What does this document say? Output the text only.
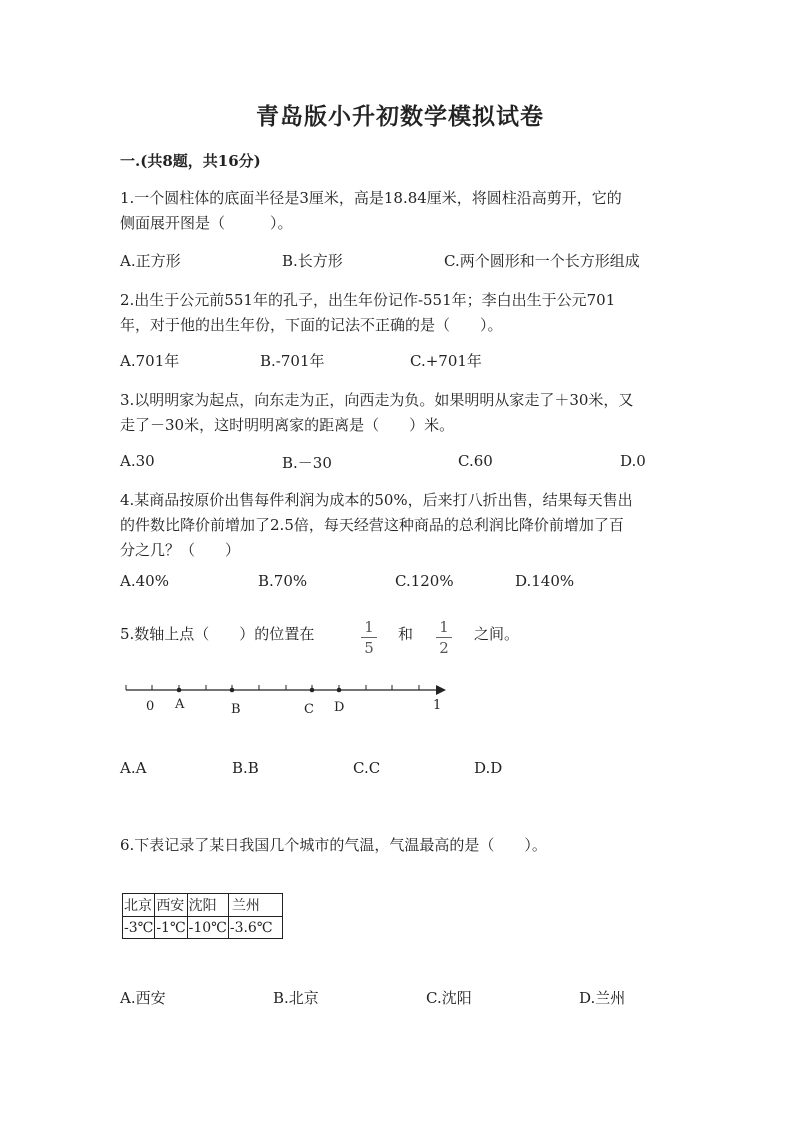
青岛版小升初数学模拟试卷
一.(共8题，共16分)
1.一个圆柱体的底面半径是3厘米，高是18.84厘米，将圆柱沿高剪开，它的
侧面展开图是（　　　）。
A.正方形	B.长方形	C.两个圆形和一个长方形组成
2.出生于公元前551年的孔子，出生年份记作-551年；李白出生于公元701
年，对于他的出生年份，下面的记法不正确的是（　　）。
A.701年	B.-701年	C.+701年
3.以明明家为起点，向东走为正，向西走为负。如果明明从家走了＋30米，又
走了－30米，这时明明离家的距离是（　　）米。
A.30	B.－30	C.60	D.0
4.某商品按原价出售每件利润为成本的50%，后来打八折出售，结果每天售出
的件数比降价前增加了2.5倍，每天经营这种商品的总利润比降价前增加了百
分之几？（　　）
A.40%	B.70%	C.120%	D.140%
5.数轴上点（　　）的位置在	1
5
和 1
2
之间。
0 A	B	C D	1
A.A	B.B	C.C	D.D
6.下表记录了某日我国几个城市的气温，气温最高的是（　　）。
北京	西安	沈阳	兰州
-3℃	-1℃	-10℃	-3.6℃
A.西安	B.北京	C.沈阳	D.兰州
